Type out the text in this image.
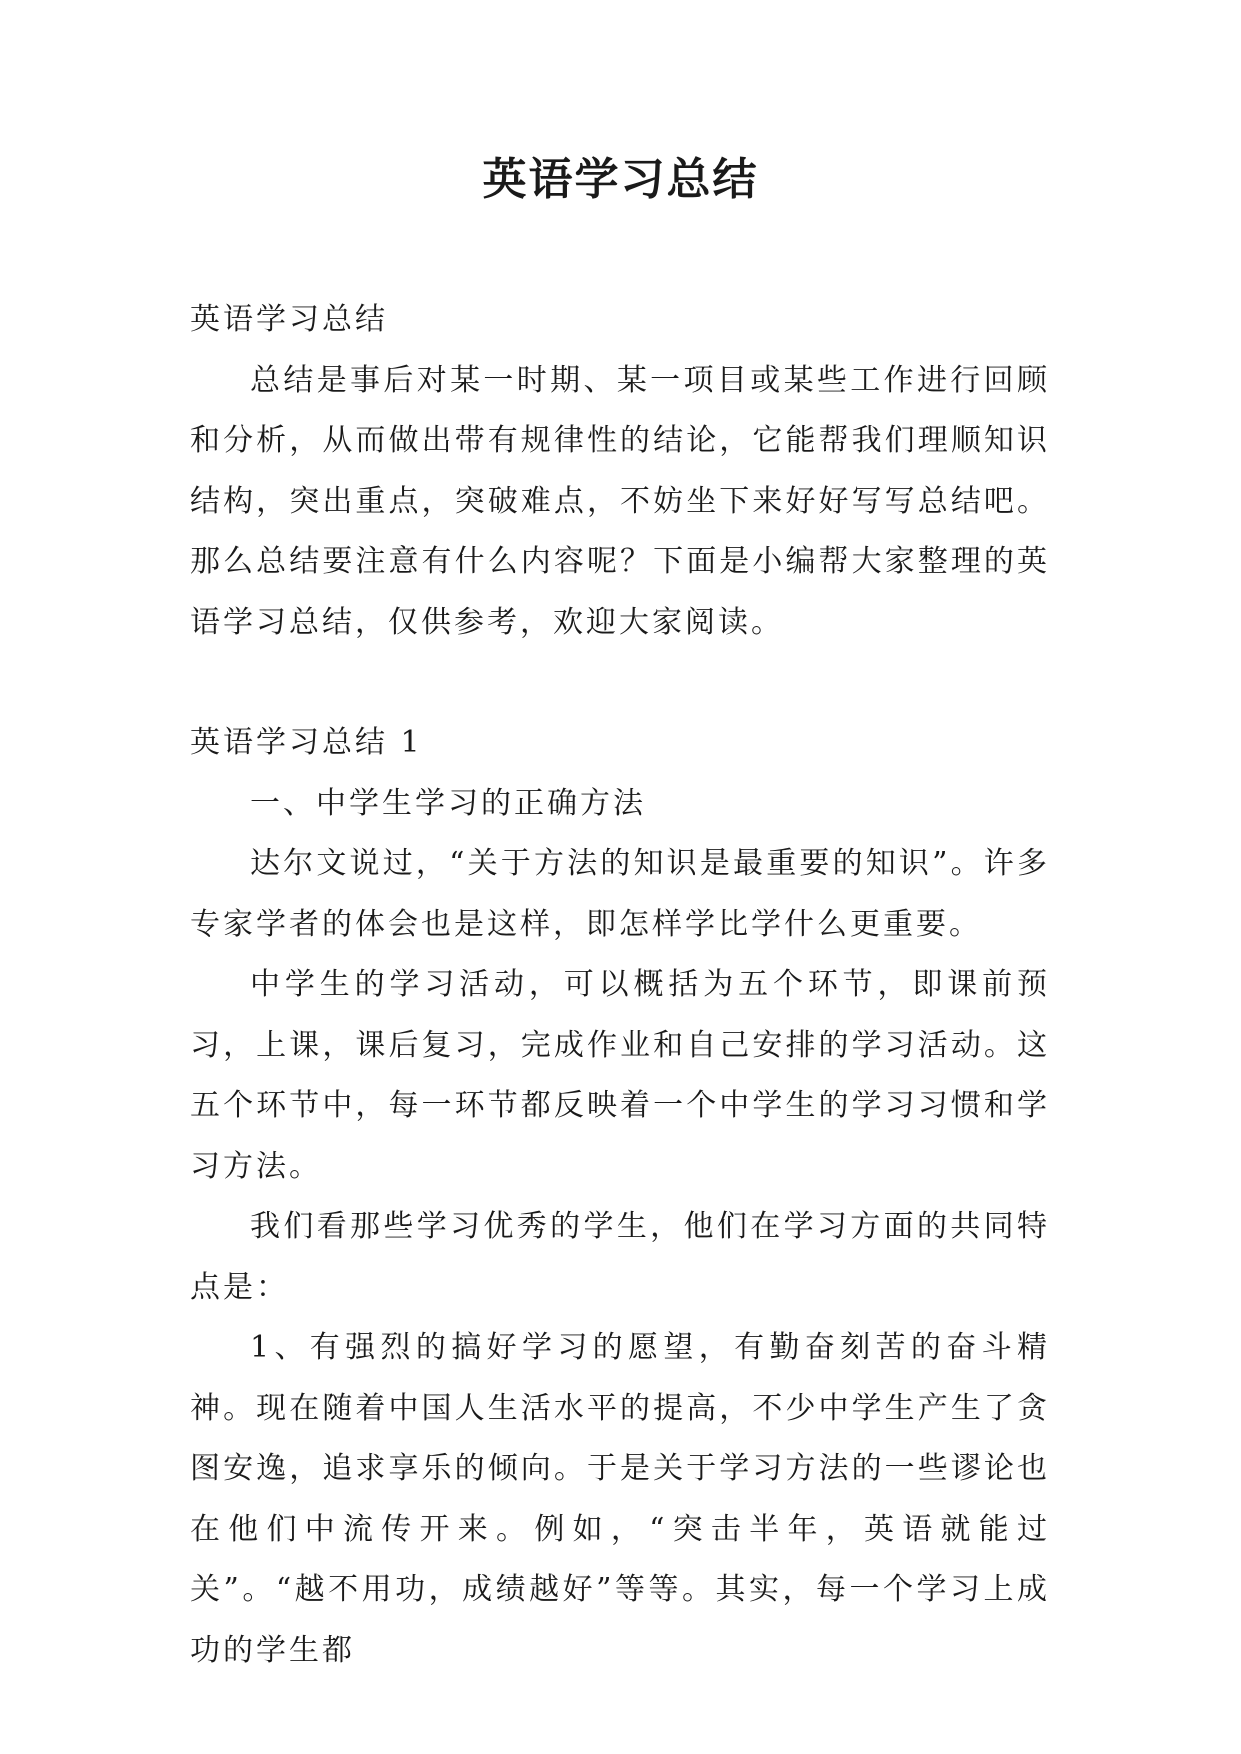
英语学习总结

英语学习总结

总结是事后对某一时期、某一项目或某些工作进行回顾和分析，从而做出带有规律性的结论，它能帮我们理顺知识结构，突出重点，突破难点，不妨坐下来好好写写总结吧。那么总结要注意有什么内容呢？下面是小编帮大家整理的英语学习总结，仅供参考，欢迎大家阅读。

英语学习总结 1

一、中学生学习的正确方法

达尔文说过，“关于方法的知识是最重要的知识”。许多专家学者的体会也是这样，即怎样学比学什么更重要。

中学生的学习活动，可以概括为五个环节，即课前预习，上课，课后复习，完成作业和自己安排的学习活动。这五个环节中，每一环节都反映着一个中学生的学习习惯和学习方法。

我们看那些学习优秀的学生，他们在学习方面的共同特点是：

1、有强烈的搞好学习的愿望，有勤奋刻苦的奋斗精神。现在随着中国人生活水平的提高，不少中学生产生了贪图安逸，追求享乐的倾向。于是关于学习方法的一些谬论也在他们中流传开来。例如，“突击半年，英语就能过关”。“越不用功，成绩越好”等等。其实，每一个学习上成功的学生都
